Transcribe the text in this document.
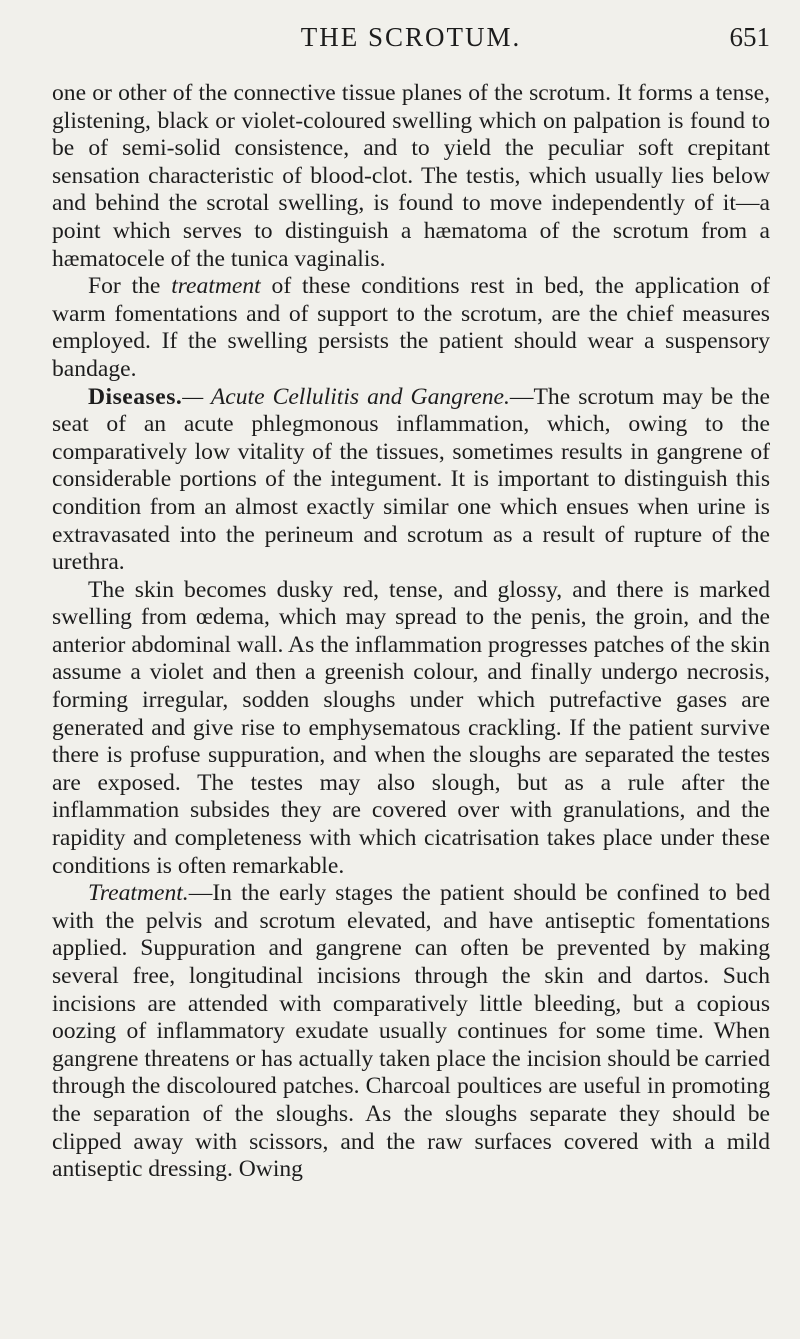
THE SCROTUM.	651

one or other of the connective tissue planes of the scrotum. It forms a tense, glistening, black or violet-coloured swelling which on palpation is found to be of semi-solid consistence, and to yield the peculiar soft crepitant sensation characteristic of blood-clot. The testis, which usually lies below and behind the scrotal swelling, is found to move independently of it—a point which serves to distinguish a hæmatoma of the scrotum from a hæmatocele of the tunica vaginalis.

For the treatment of these conditions rest in bed, the application of warm fomentations and of support to the scrotum, are the chief measures employed. If the swelling persists the patient should wear a suspensory bandage.

Diseases.— Acute Cellulitis and Gangrene.—The scrotum may be the seat of an acute phlegmonous inflammation, which, owing to the comparatively low vitality of the tissues, sometimes results in gangrene of considerable portions of the integument. It is important to distinguish this condition from an almost exactly similar one which ensues when urine is extravasated into the perineum and scrotum as a result of rupture of the urethra.

The skin becomes dusky red, tense, and glossy, and there is marked swelling from œdema, which may spread to the penis, the groin, and the anterior abdominal wall. As the inflammation progresses patches of the skin assume a violet and then a greenish colour, and finally undergo necrosis, forming irregular, sodden sloughs under which putrefactive gases are generated and give rise to emphysematous crackling. If the patient survive there is profuse suppuration, and when the sloughs are separated the testes are exposed. The testes may also slough, but as a rule after the inflammation subsides they are covered over with granulations, and the rapidity and completeness with which cicatrisation takes place under these conditions is often remarkable.

Treatment.—In the early stages the patient should be confined to bed with the pelvis and scrotum elevated, and have antiseptic fomentations applied. Suppuration and gangrene can often be prevented by making several free, longitudinal incisions through the skin and dartos. Such incisions are attended with comparatively little bleeding, but a copious oozing of inflammatory exudate usually continues for some time. When gangrene threatens or has actually taken place the incision should be carried through the discoloured patches. Charcoal poultices are useful in promoting the separation of the sloughs. As the sloughs separate they should be clipped away with scissors, and the raw surfaces covered with a mild antiseptic dressing. Owing
